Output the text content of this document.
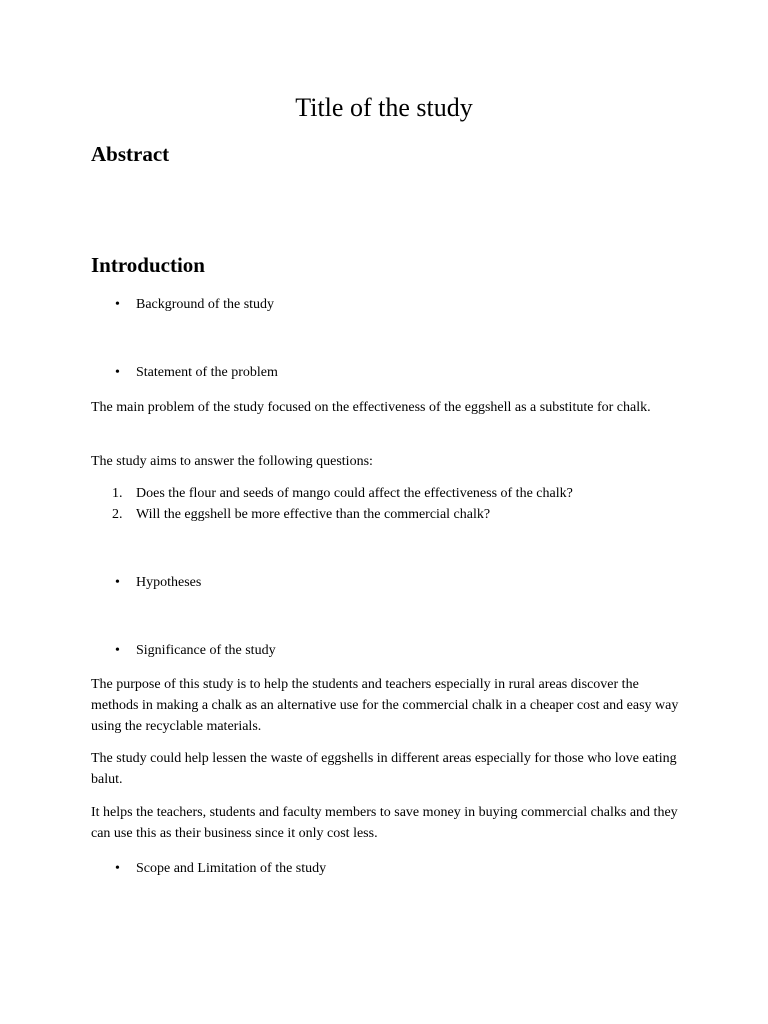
Title of the study
Abstract
Introduction
• Background of the study
• Statement of the problem

The main problem of the study focused on the effectiveness of the eggshell as a substitute for chalk.

The study aims to answer the following questions:

1. Does the flour and seeds of mango could affect the effectiveness of the chalk?
2. Will the eggshell be more effective than the commercial chalk?
• Hypotheses
• Significance of the study

The purpose of this study is to help the students and teachers especially in rural areas discover the methods in making a chalk as an alternative use for the commercial chalk in a cheaper cost and easy way using the recyclable materials.

The study could help lessen the waste of eggshells in different areas especially for those who love eating balut.

It helps the teachers, students and faculty members to save money in buying commercial chalks and they can use this as their business since it only cost less.

• Scope and Limitation of the study
